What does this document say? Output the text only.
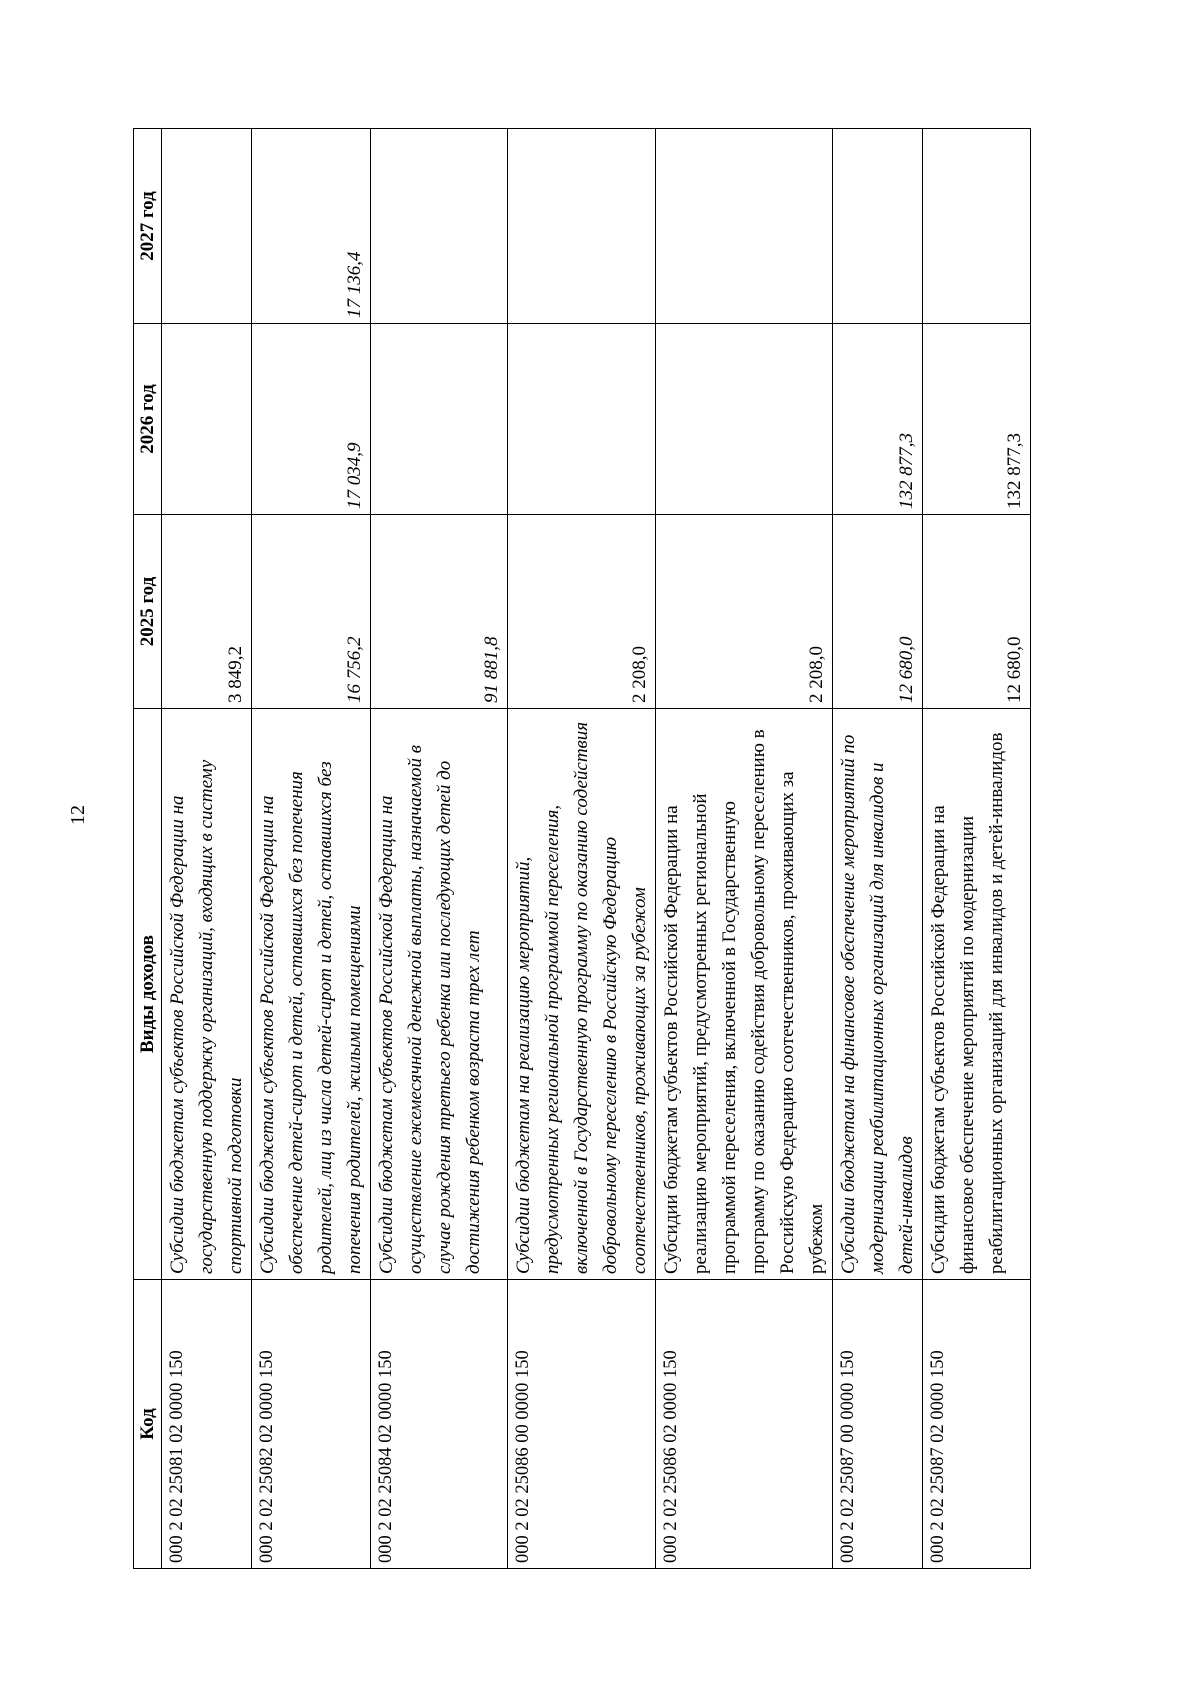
12
Код	Виды доходов	2025 год	2026 год	2027 год
000 2 02 25081 02 0000 150	Субсидии бюджетам субъектов Российской Федерации на государственную поддержку организаций, входящих в систему спортивной подготовки	3 849,2		
000 2 02 25082 02 0000 150	Субсидии бюджетам субъектов Российской Федерации на обеспечение детей-сирот и детей, оставшихся без попечения родителей, лиц из числа детей-сирот и детей, оставшихся без попечения родителей, жилыми помещениями	16 756,2	17 034,9	17 136,4
000 2 02 25084 02 0000 150	Субсидии бюджетам субъектов Российской Федерации на осуществление ежемесячной денежной выплаты, назначаемой в случае рождения третьего ребенка или последующих детей до достижения ребенком возраста трех лет	91 881,8		
000 2 02 25086 00 0000 150	Субсидии бюджетам на реализацию мероприятий, предусмотренных региональной программой переселения, включенной в Государственную программу по оказанию содействия добровольному переселению в Российскую Федерацию соотечественников, проживающих за рубежом	2 208,0		
000 2 02 25086 02 0000 150	Субсидии бюджетам субъектов Российской Федерации на реализацию мероприятий, предусмотренных региональной программой переселения, включенной в Государственную программу по оказанию содействия добровольному переселению в Российскую Федерацию соотечественников, проживающих за рубежом	2 208,0		
000 2 02 25087 00 0000 150	Субсидии бюджетам на финансовое обеспечение мероприятий по модернизации реабилитационных организаций для инвалидов и детей-инвалидов	12 680,0	132 877,3	
000 2 02 25087 02 0000 150	Субсидии бюджетам субъектов Российской Федерации на финансовое обеспечение мероприятий по модернизации реабилитационных организаций для инвалидов и детей-инвалидов	12 680,0	132 877,3	
